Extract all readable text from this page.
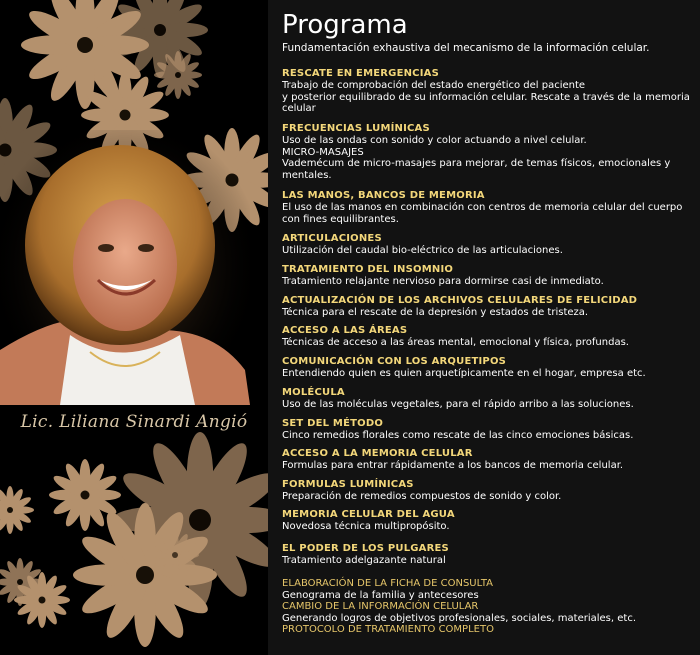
Lic. Liliana Sinardi Angió
Programa
Fundamentación exhaustiva del mecanismo de la información celular.
RESCATE EN EMERGENCIAS
Trabajo de comprobación del estado energético del paciente
y posterior equilibrado de su información celular. Rescate a través de la memoria celular
FRECUENCIAS LUMÍNICAS
Uso de las ondas con sonido y color actuando a nivel celular.
MICRO-MASAJES
Vademécum de micro-masajes para mejorar, de temas físicos, emocionales y mentales.
LAS MANOS, BANCOS DE MEMORIA
El uso de las manos en combinación con centros de memoria celular del cuerpo con fines equilibrantes.
ARTICULACIONES
Utilización del caudal bio-eléctrico de las articulaciones.
TRATAMIENTO DEL INSOMNIO
Tratamiento relajante nervioso para dormirse casi de inmediato.
ACTUALIZACIÓN DE LOS ARCHIVOS CELULARES DE FELICIDAD
Técnica para el rescate de la depresión y estados de tristeza.
ACCESO A LAS ÁREAS
Técnicas de acceso a las áreas mental, emocional y física, profundas.
COMUNICACIÓN CON LOS ARQUETIPOS
Entendiendo quien es quien arquetípicamente en el hogar, empresa etc.
MOLÉCULA
Uso de las moléculas vegetales, para el rápido arribo a las soluciones.
SET DEL MÉTODO
Cinco remedios florales como rescate de las cinco emociones básicas.
ACCESO A LA MEMORIA CELULAR
Formulas para entrar rápidamente a los bancos de memoria celular.
FORMULAS LUMÍNICAS
Preparación de remedios compuestos de sonido y color.
MEMORIA CELULAR DEL AGUA
Novedosa técnica multipropósito.
EL PODER DE LOS PULGARES
Tratamiento adelgazante natural
ELABORACIÓN DE LA FICHA DE CONSULTA
Genograma de la familia y antecesores
CAMBIO DE LA INFORMACIÓN CELULAR
Generando logros de objetivos profesionales, sociales, materiales, etc.
PROTOCOLO DE TRATAMIENTO COMPLETO
